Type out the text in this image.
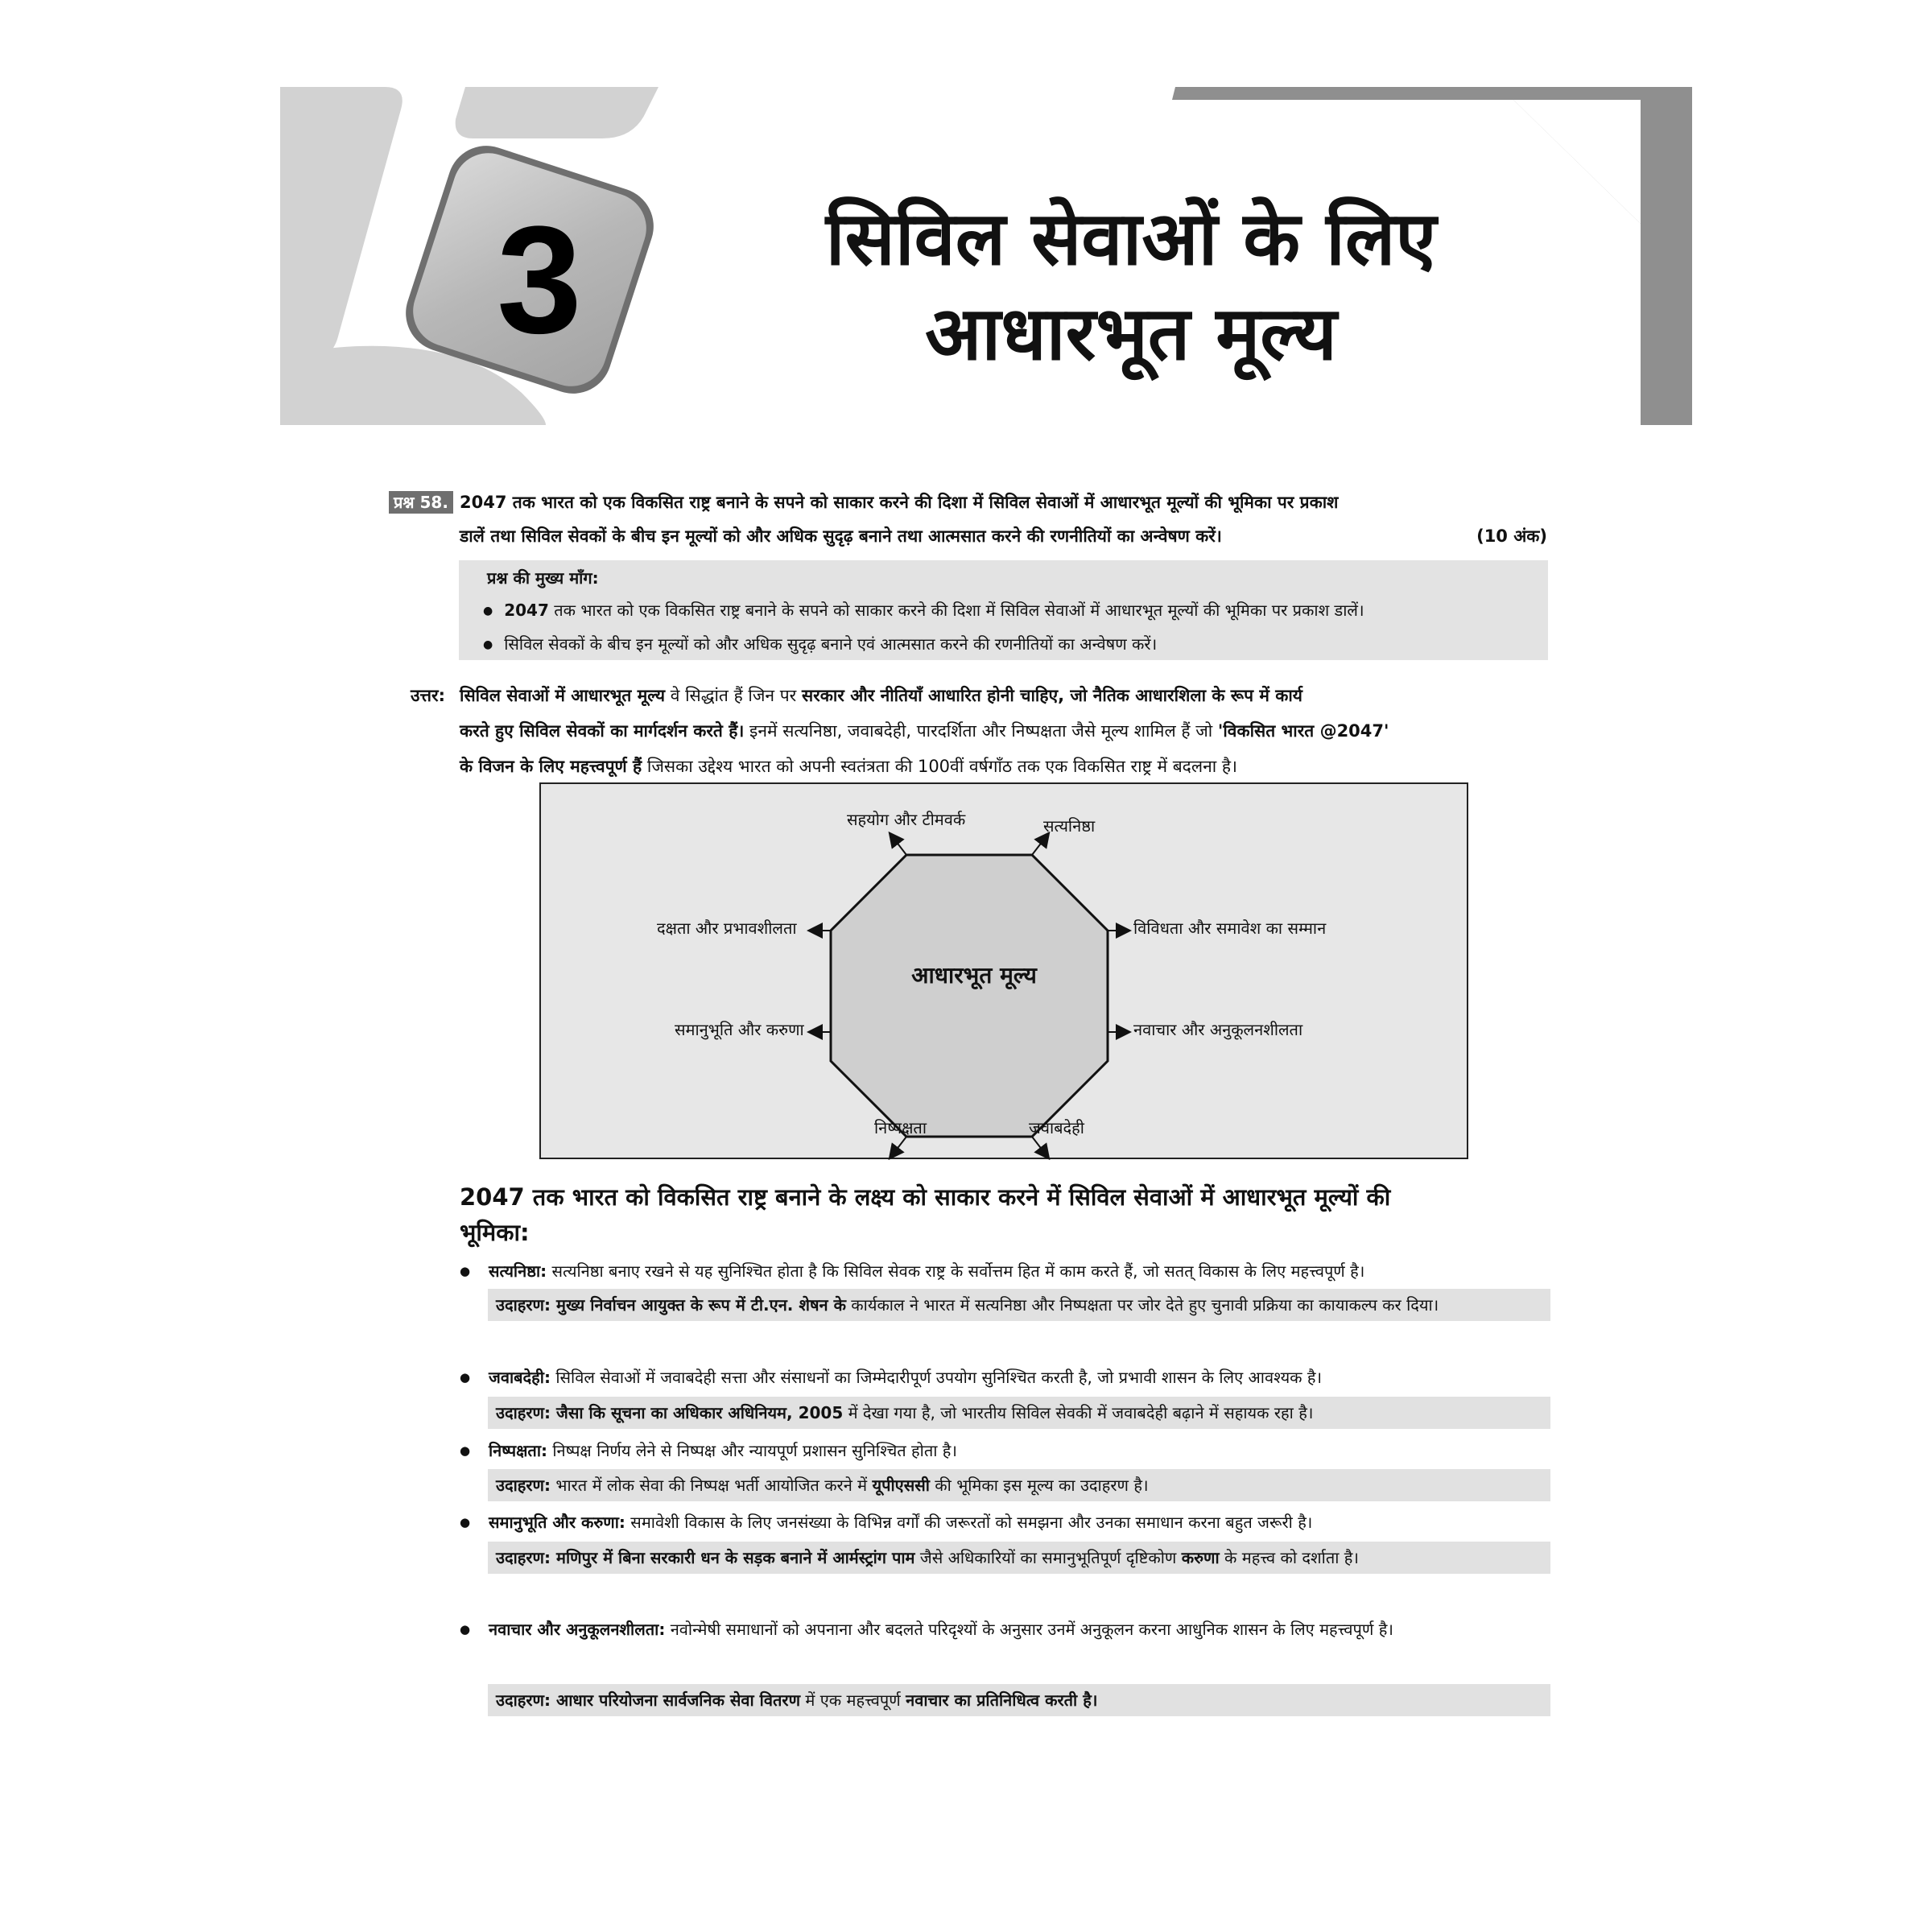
3	सिविल सेवाओं के लिए
आधारभूत मूल्य
प्रश्न 58. 2047 तक भारत को एक विकसित राष्ट्र बनाने के सपने को साकार करने की दिशा में सिविल सेवाओं में आधारभूत मूल्यों की भूमिका पर प्रकाश
डालें तथा सिविल सेवकों के बीच इन मूल्यों को और अधिक सुदृढ़ बनाने तथा आत्मसात करने की रणनीतियों का अन्वेषण करें।	(10 अंक)
प्रश्न की मुख्य माँग:
● 2047 तक भारत को एक विकसित राष्ट्र बनाने के सपने को साकार करने की दिशा में सिविल सेवाओं में आधारभूत मूल्यों की भूमिका पर प्रकाश डालें।
● सिविल सेवकों के बीच इन मूल्यों को और अधिक सुदृढ़ बनाने एवं आत्मसात करने की रणनीतियों का अन्वेषण करें।
उत्तर: सिविल सेवाओं में आधारभूत मूल्य वे सिद्धांत हैं जिन पर सरकार और नीतियाँ आधारित होनी चाहिए, जो नैतिक आधारशिला के रूप में कार्य
करते हुए सिविल सेवकों का मार्गदर्शन करते हैं। इनमें सत्यनिष्ठा, जवाबदेही, पारदर्शिता और निष्पक्षता जैसे मूल्य शामिल हैं जो 'विकसित भारत @2047'
के विजन के लिए महत्त्वपूर्ण हैं जिसका उद्देश्य भारत को अपनी स्वतंत्रता की 100वीं वर्षगाँठ तक एक विकसित राष्ट्र में बदलना है।
आधारभूत मूल्य
सहयोग और टीमवर्क	सत्यनिष्ठा
विविधता और समावेश का सम्मान
नवाचार और अनुकूलनशीलता
जवाबदेही
निष्पक्षता
समानुभूति और करुणा
दक्षता और प्रभावशीलता
2047 तक भारत को विकसित राष्ट्र बनाने के लक्ष्य को साकार करने में सिविल सेवाओं में आधारभूत मूल्यों की
भूमिका:
● सत्यनिष्ठा: सत्यनिष्ठा बनाए रखने से यह सुनिश्चित होता है कि सिविल सेवक राष्ट्र के सर्वोत्तम हित में काम करते हैं, जो सतत् विकास के लिए महत्त्वपूर्ण है।
उदाहरण: मुख्य निर्वाचन आयुक्त के रूप में टी.एन. शेषन के कार्यकाल ने भारत में सत्यनिष्ठा और निष्पक्षता पर जोर देते हुए चुनावी प्रक्रिया का कायाकल्प कर दिया।
● जवाबदेही: सिविल सेवाओं में जवाबदेही सत्ता और संसाधनों का जिम्मेदारीपूर्ण उपयोग सुनिश्चित करती है, जो प्रभावी शासन के लिए आवश्यक है।
उदाहरण: जैसा कि सूचना का अधिकार अधिनियम, 2005 में देखा गया है, जो भारतीय सिविल सेवकी में जवाबदेही बढ़ाने में सहायक रहा है।
● निष्पक्षता: निष्पक्ष निर्णय लेने से निष्पक्ष और न्यायपूर्ण प्रशासन सुनिश्चित होता है।
उदाहरण: भारत में लोक सेवा की निष्पक्ष भर्ती आयोजित करने में यूपीएससी की भूमिका इस मूल्य का उदाहरण है।
● समानुभूति और करुणा: समावेशी विकास के लिए जनसंख्या के विभिन्न वर्गों की जरूरतों को समझना और उनका समाधान करना बहुत जरूरी है।
उदाहरण: मणिपुर में बिना सरकारी धन के सड़क बनाने में आर्मस्ट्रांग पाम जैसे अधिकारियों का समानुभूतिपूर्ण दृष्टिकोण करुणा के महत्त्व को दर्शाता है।
● नवाचार और अनुकूलनशीलता: नवोन्मेषी समाधानों को अपनाना और बदलते परिदृश्यों के अनुसार उनमें अनुकूलन करना आधुनिक शासन के लिए महत्त्वपूर्ण है।
उदाहरण: आधार परियोजना सार्वजनिक सेवा वितरण में एक महत्त्वपूर्ण नवाचार का प्रतिनिधित्व करती है।
